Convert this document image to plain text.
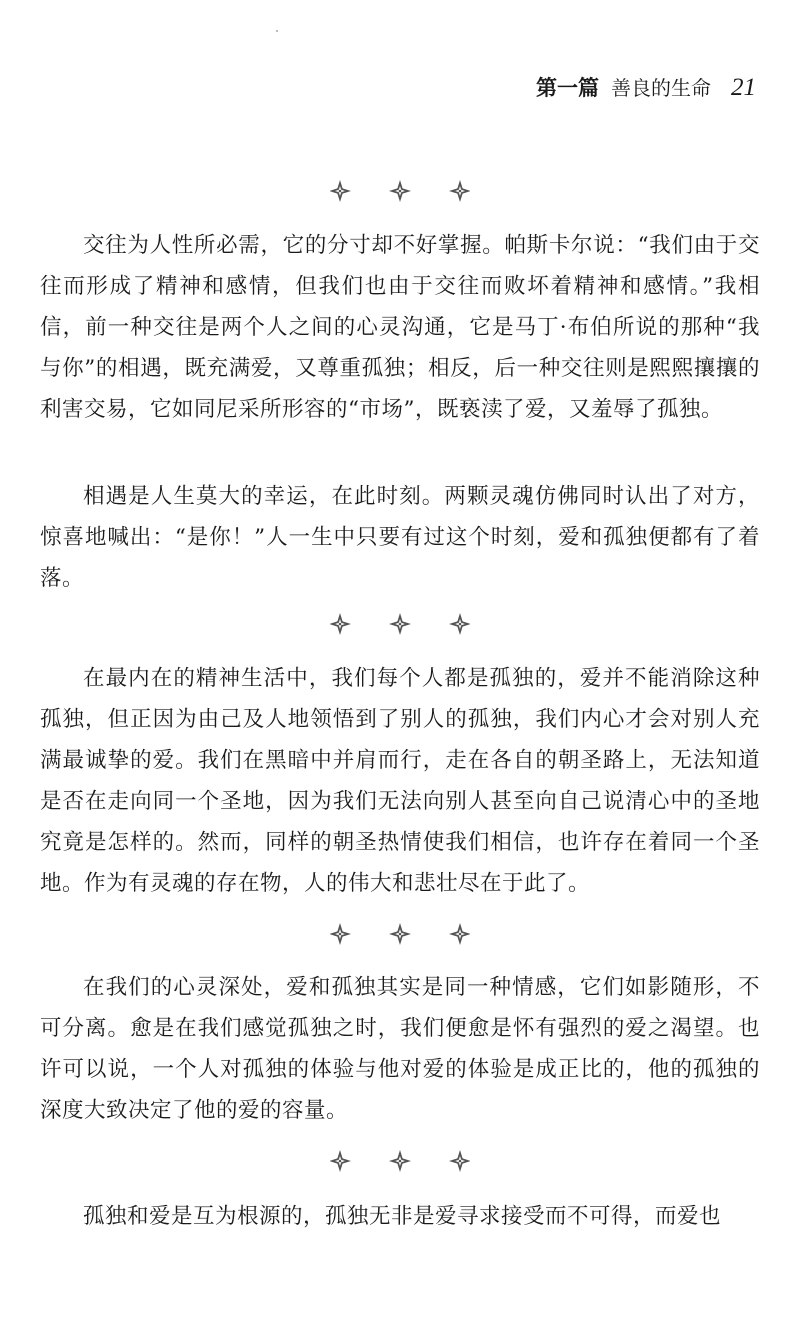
第一篇 善良的生命 21

交往为人性所必需，它的分寸却不好掌握。帕斯卡尔说：“我们由于交往而形成了精神和感情，但我们也由于交往而败坏着精神和感情。”我相信，前一种交往是两个人之间的心灵沟通，它是马丁·布伯所说的那种“我与你”的相遇，既充满爱，又尊重孤独；相反，后一种交往则是熙熙攘攘的利害交易，它如同尼采所形容的“市场”，既亵渎了爱，又羞辱了孤独。

相遇是人生莫大的幸运，在此时刻。两颗灵魂仿佛同时认出了对方，惊喜地喊出：“是你！”人一生中只要有过这个时刻，爱和孤独便都有了着落。

在最内在的精神生活中，我们每个人都是孤独的，爱并不能消除这种孤独，但正因为由己及人地领悟到了别人的孤独，我们内心才会对别人充满最诚挚的爱。我们在黑暗中并肩而行，走在各自的朝圣路上，无法知道是否在走向同一个圣地，因为我们无法向别人甚至向自己说清心中的圣地究竟是怎样的。然而，同样的朝圣热情使我们相信，也许存在着同一个圣地。作为有灵魂的存在物，人的伟大和悲壮尽在于此了。

在我们的心灵深处，爱和孤独其实是同一种情感，它们如影随形，不可分离。愈是在我们感觉孤独之时，我们便愈是怀有强烈的爱之渴望。也许可以说，一个人对孤独的体验与他对爱的体验是成正比的，他的孤独的深度大致决定了他的爱的容量。

孤独和爱是互为根源的，孤独无非是爱寻求接受而不可得，而爱也
